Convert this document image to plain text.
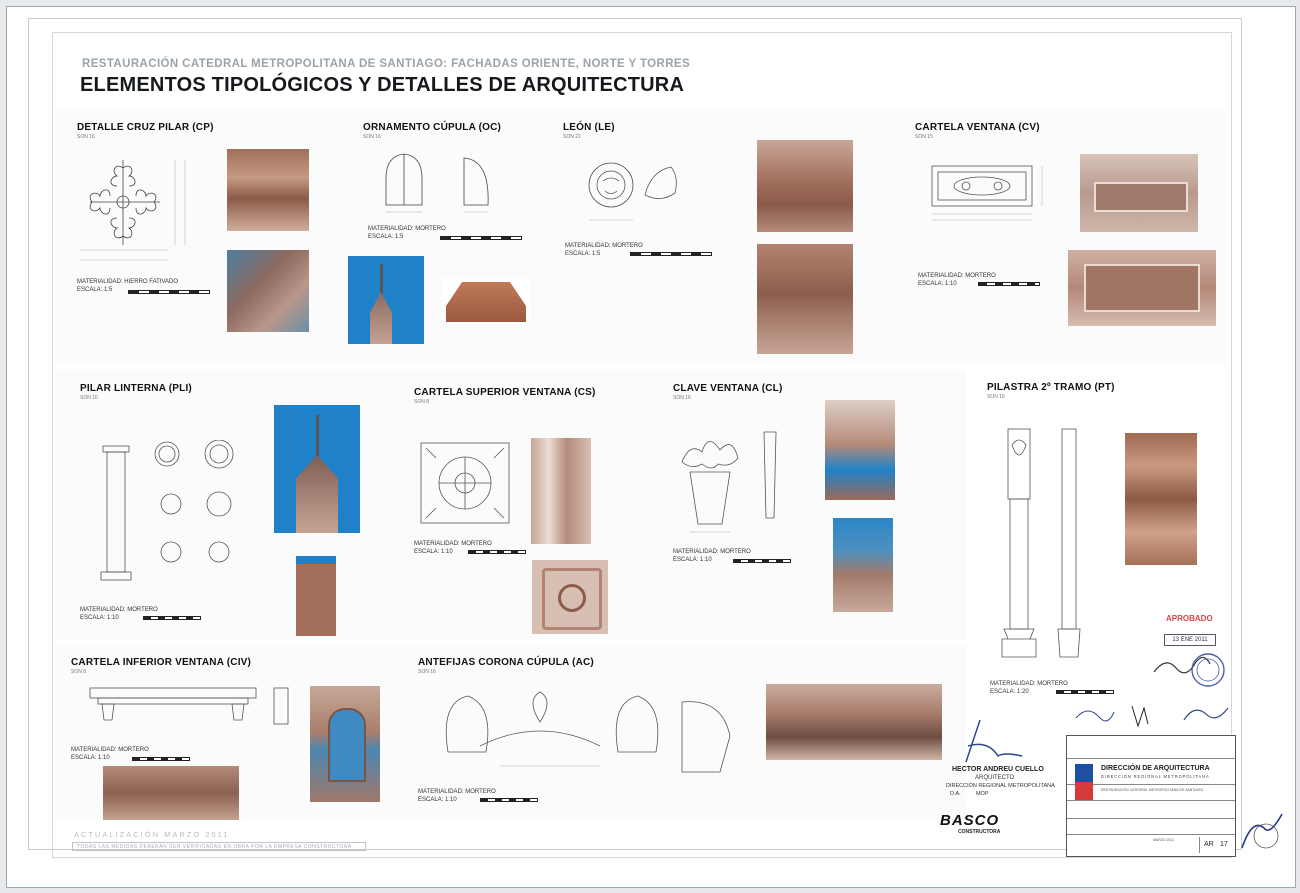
RESTAURACIÓN CATEDRAL METROPOLITANA DE SANTIAGO: FACHADAS ORIENTE, NORTE Y TORRES
ELEMENTOS TIPOLÓGICOS Y DETALLES DE ARQUITECTURA
DETALLE CRUZ PILAR (CP)
SON 16
MATERIALIDAD: HIERRO FATIVADO
ESCALA: 1:5
ORNAMENTO CÚPULA (OC)
SON 16
MATERIALIDAD: MORTERO
ESCALA: 1:5
LEÓN (LE)
SON 22
MATERIALIDAD: MORTERO
ESCALA: 1:5
CARTELA VENTANA (CV)
SON 15
MATERIALIDAD: MORTERO
ESCALA: 1:10
PILAR LINTERNA (PLI)
SON 10
MATERIALIDAD: MORTERO
ESCALA: 1:10
CARTELA SUPERIOR VENTANA (CS)
SON 8
MATERIALIDAD: MORTERO
ESCALA: 1:10
CLAVE VENTANA (CL)
SON 16
MATERIALIDAD: MORTERO
ESCALA: 1:10
PILASTRA 2º TRAMO (PT)
SON 16
MATERIALIDAD: MORTERO
ESCALA: 1:20
APROBADO
13 ENE 2011
CARTELA INFERIOR VENTANA (CIV)
SON 8
MATERIALIDAD: MORTERO
ESCALA: 1:10
ANTEFIJAS CORONA CÚPULA (AC)
SON 16
MATERIALIDAD: MORTERO
ESCALA: 1:10
HECTOR ANDREU CUELLO
ARQUITECTO
DIRECCIÓN REGIONAL METROPOLITANA
D.A.          MOP
BASCO
CONSTRUCTORA
DIRECCIÓN DE ARQUITECTURA
DIRECCIÓN REGIONAL METROPOLITANA
RESTAURACIÓN CATEDRAL METROPOLITANA DE SANTIAGO
MARZO 2011
AR 17
ACTUALIZACIÓN MARZO 2011
TODAS LAS MEDIDAS DEBERÁN SER VERIFICADAS EN OBRA POR LA EMPRESA CONSTRUCTORA
